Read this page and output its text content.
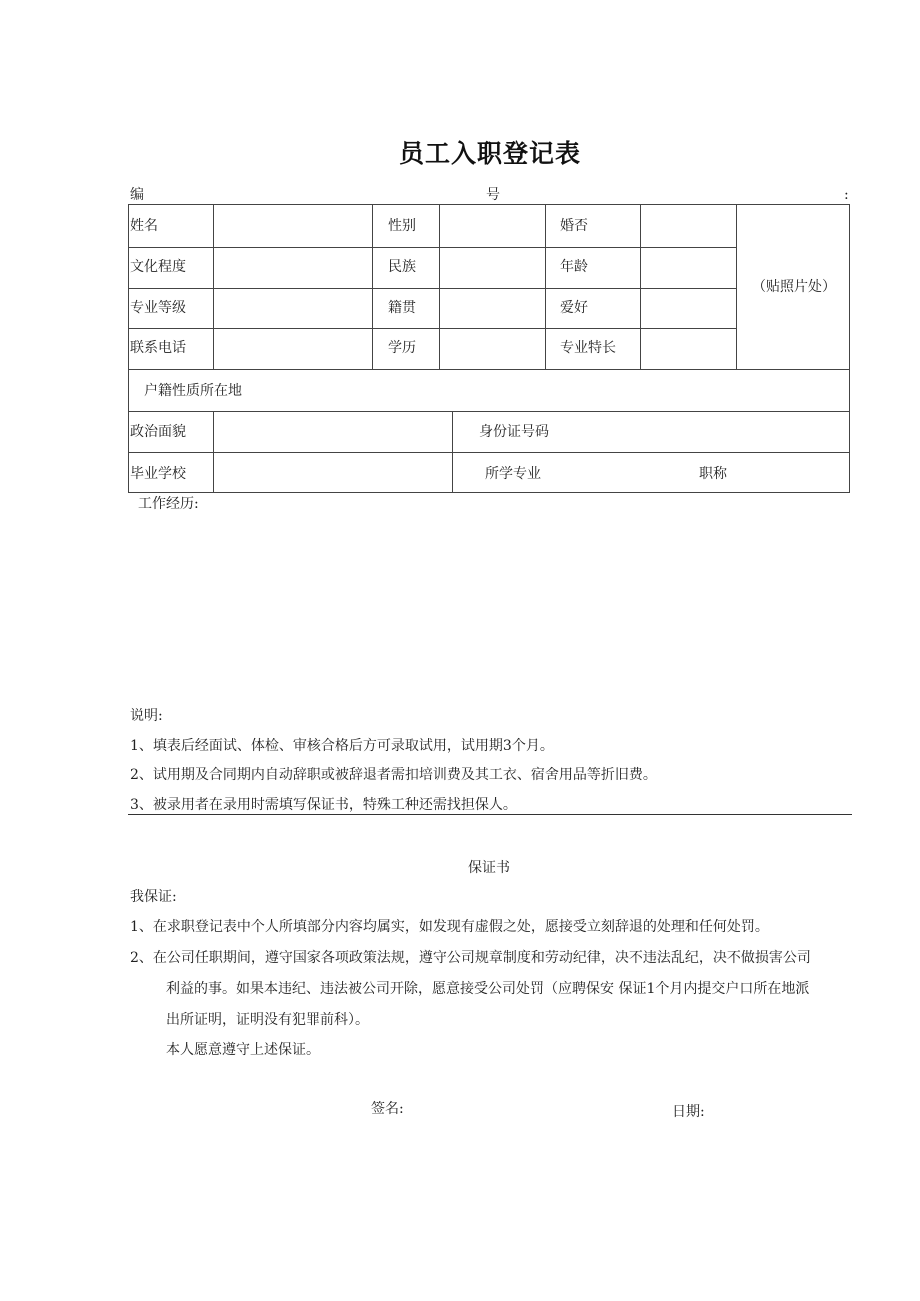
员工入职登记表
编	号	:
姓名	性别	婚否
文化程度	民族	年龄
专业等级	籍贯	爱好
联系电话	学历	专业特长
（贴照片处）
户籍性质所在地
政治面貌	身份证号码
毕业学校	所学专业	职称
工作经历:
说明:
1、填表后经面试、体检、审核合格后方可录取试用，试用期3个月。
2、试用期及合同期内自动辞职或被辞退者需扣培训费及其工衣、宿舍用品等折旧费。
3、被录用者在录用时需填写保证书，特殊工种还需找担保人。
保证书
我保证:
1、在求职登记表中个人所填部分内容均属实，如发现有虚假之处，愿接受立刻辞退的处理和任何处罚。
2、在公司任职期间，遵守国家各项政策法规，遵守公司规章制度和劳动纪律，决不违法乱纪，决不做损害公司
利益的事。如果本违纪、违法被公司开除，愿意接受公司处罚（应聘保安 保证1个月内提交户口所在地派
出所证明，证明没有犯罪前科）。
本人愿意遵守上述保证。
签名:	日期:
